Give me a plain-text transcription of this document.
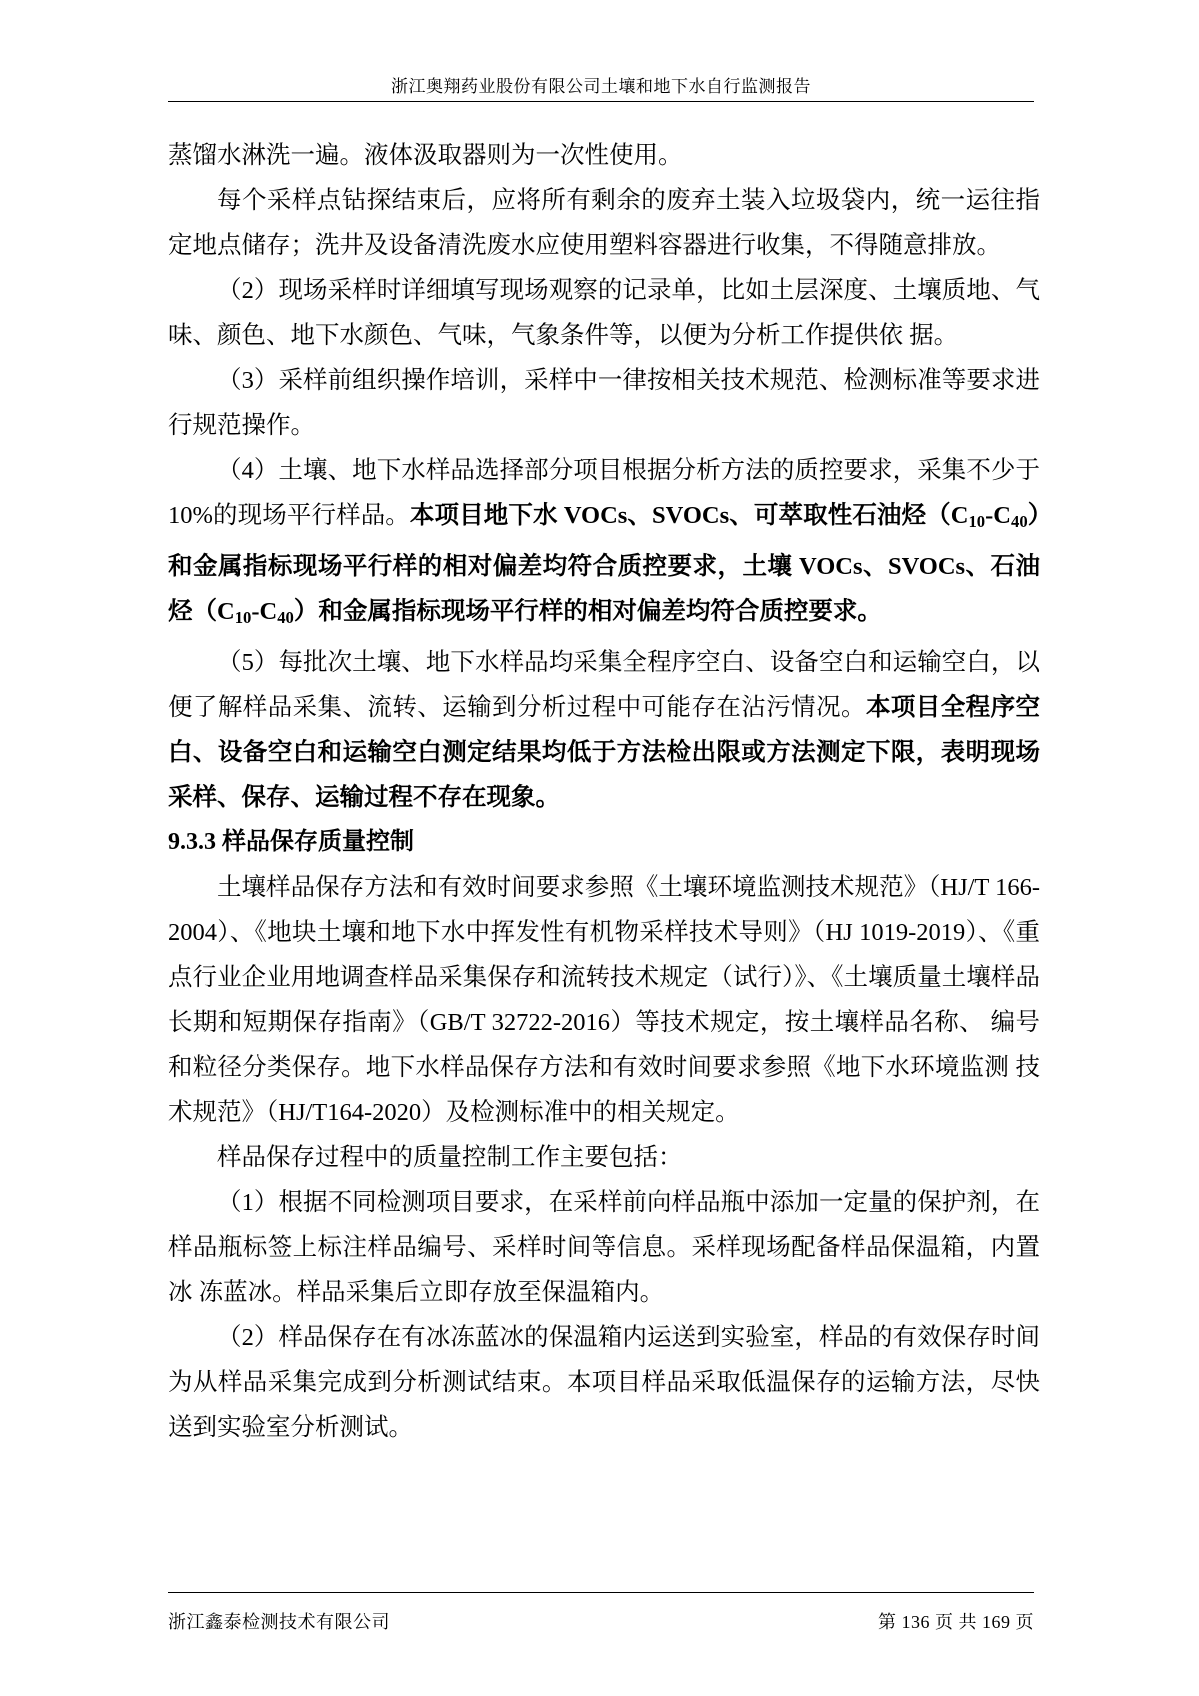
浙江奥翔药业股份有限公司土壤和地下水自行监测报告

蒸馏水淋洗一遍。液体汲取器则为一次性使用。

每个采样点钻探结束后，应将所有剩余的废弃土装入垃圾袋内，统一运往指定地点储存；洗井及设备清洗废水应使用塑料容器进行收集，不得随意排放。

（2）现场采样时详细填写现场观察的记录单，比如土层深度、土壤质地、气味、颜色、地下水颜色、气味，气象条件等，以便为分析工作提供依 据。

（3）采样前组织操作培训，采样中一律按相关技术规范、检测标准等要求进行规范操作。

（4）土壤、地下水样品选择部分项目根据分析方法的质控要求，采集不少于 10%的现场平行样品。本项目地下水 VOCs、SVOCs、可萃取性石油烃$(C_{10}-C_{40})$和金属指标现场平行样的相对偏差均符合质控要求，土壤 VOCs、SVOCs、石油烃$(C_{10}-C_{40})$和金属指标现场平行样的相对偏差均符合质控要求。

（5）每批次土壤、地下水样品均采集全程序空白、设备空白和运输空白，以便了解样品采集、流转、运输到分析过程中可能存在沾污情况。本项目全程序空白、设备空白和运输空白测定结果均低于方法检出限或方法测定下限，表明现场采样、保存、运输过程不存在现象。

9.3.3 样品保存质量控制

土壤样品保存方法和有效时间要求参照《土壤环境监测技术规范》（HJ/T 166-2004）、《地块土壤和地下水中挥发性有机物采样技术导则》（HJ 1019-2019）、《重点行业企业用地调查样品采集保存和流转技术规定（试行）》、《土壤质量土壤样品长期和短期保存指南》（GB/T 32722-2016）等技术规定，按土壤样品名称、 编号和粒径分类保存。地下水样品保存方法和有效时间要求参照《地下水环境监测 技术规范》（HJ/T164-2020）及检测标准中的相关规定。

样品保存过程中的质量控制工作主要包括：

（1）根据不同检测项目要求，在采样前向样品瓶中添加一定量的保护剂，在样品瓶标签上标注样品编号、采样时间等信息。采样现场配备样品保温箱，内置冰 冻蓝冰。样品采集后立即存放至保温箱内。

（2）样品保存在有冰冻蓝冰的保温箱内运送到实验室，样品的有效保存时间为从样品采集完成到分析测试结束。本项目样品采取低温保存的运输方法，尽快送到实验室分析测试。

浙江鑫泰检测技术有限公司	第 136 页 共 169 页
